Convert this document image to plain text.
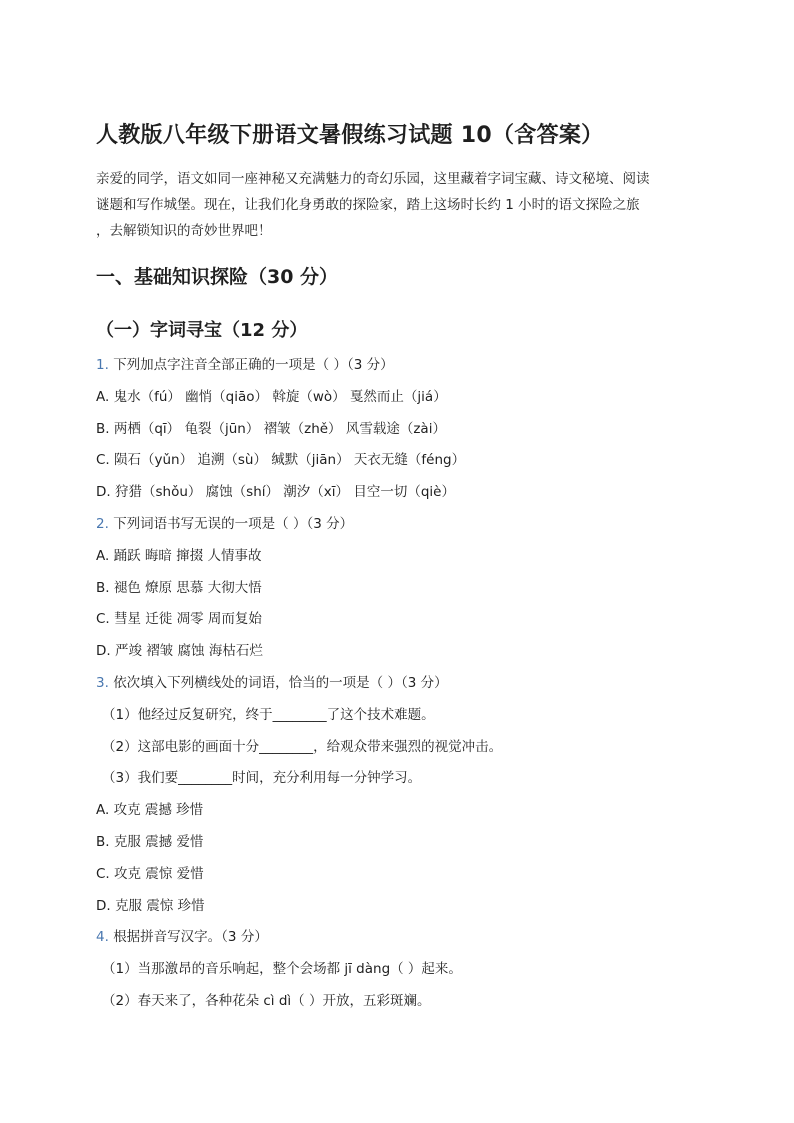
人教版八年级下册语文暑假练习试题 10（含答案）
亲爱的同学，语文如同一座神秘又充满魅力的奇幻乐园，这里藏着字词宝藏、诗文秘境、阅读
谜题和写作城堡。现在，让我们化身勇敢的探险家，踏上这场时长约 1 小时的语文探险之旅
，去解锁知识的奇妙世界吧！
一、基础知识探险（30 分）
（一）字词寻宝（12 分）
1. 下列加点字注音全部正确的一项是（ ）（3 分）
A. 鬼水（fú） 幽悄（qiāo） 斡旋（wò） 戛然而止（jiá）
B. 两栖（qī） 龟裂（jūn） 褶皱（zhě） 风雪载途（zài）
C. 陨石（yǔn） 追溯（sù） 缄默（jiān） 天衣无缝（féng）
D. 狩猎（shǒu） 腐蚀（shí） 潮汐（xī） 目空一切（qiè）
2. 下列词语书写无误的一项是（ ）（3 分）
A. 踊跃 晦暗 撺掇 人情事故
B. 褪色 燎原 思慕 大彻大悟
C. 彗星 迁徙 凋零 周而复始
D. 严竣 褶皱 腐蚀 海枯石烂
3. 依次填入下列横线处的词语，恰当的一项是（ ）（3 分）
（1）他经过反复研究，终于________了这个技术难题。
（2）这部电影的画面十分________，给观众带来强烈的视觉冲击。
（3）我们要________时间，充分利用每一分钟学习。
A. 攻克 震撼 珍惜
B. 克服 震撼 爱惜
C. 攻克 震惊 爱惜
D. 克服 震惊 珍惜
4. 根据拼音写汉字。（3 分）
（1）当那激昂的音乐响起，整个会场都 jī dàng（ ）起来。
（2）春天来了，各种花朵 cì dì（ ）开放，五彩斑斓。
